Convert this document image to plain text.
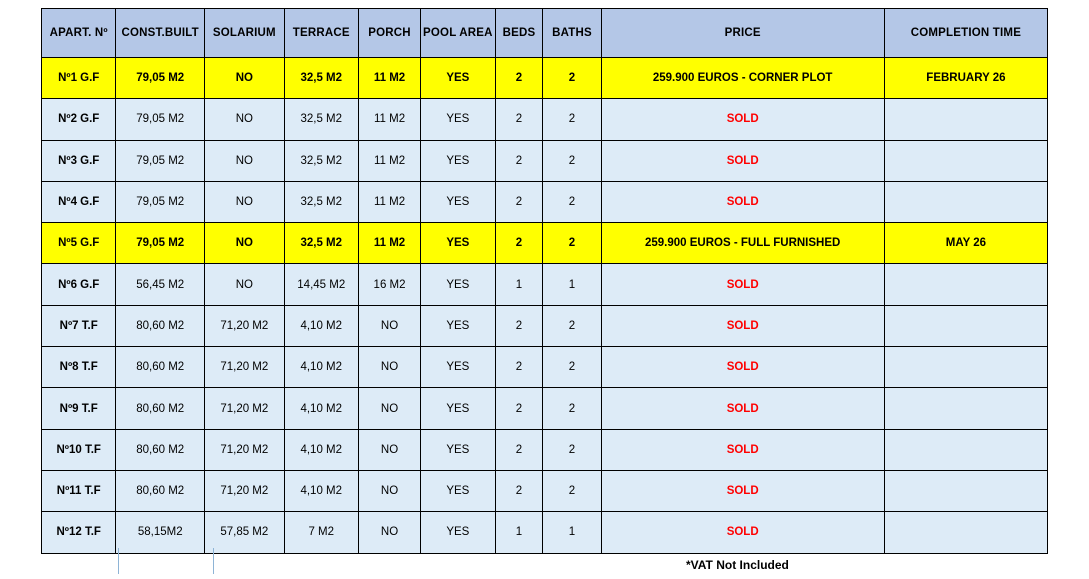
APART. Nº	CONST.BUILT	SOLARIUM	TERRACE	PORCH	POOL AREA	BEDS	BATHS	PRICE	COMPLETION TIME
Nº1 G.F	79,05 M2	NO	32,5 M2	11 M2	YES	2	2	259.900 EUROS - CORNER PLOT	FEBRUARY 26
Nº2 G.F	79,05 M2	NO	32,5 M2	11 M2	YES	2	2	SOLD	
Nº3 G.F	79,05 M2	NO	32,5 M2	11 M2	YES	2	2	SOLD	
Nº4 G.F	79,05 M2	NO	32,5 M2	11 M2	YES	2	2	SOLD	
Nº5 G.F	79,05 M2	NO	32,5 M2	11 M2	YES	2	2	259.900 EUROS - FULL FURNISHED	MAY 26
Nº6 G.F	56,45 M2	NO	14,45 M2	16 M2	YES	1	1	SOLD	
Nº7 T.F	80,60 M2	71,20 M2	4,10 M2	NO	YES	2	2	SOLD	
Nº8 T.F	80,60 M2	71,20 M2	4,10 M2	NO	YES	2	2	SOLD	
Nº9 T.F	80,60 M2	71,20 M2	4,10 M2	NO	YES	2	2	SOLD	
Nº10 T.F	80,60 M2	71,20 M2	4,10 M2	NO	YES	2	2	SOLD	
Nº11 T.F	80,60 M2	71,20 M2	4,10 M2	NO	YES	2	2	SOLD	
Nº12 T.F	58,15M2	57,85 M2	7 M2	NO	YES	1	1	SOLD	
*VAT Not Included
